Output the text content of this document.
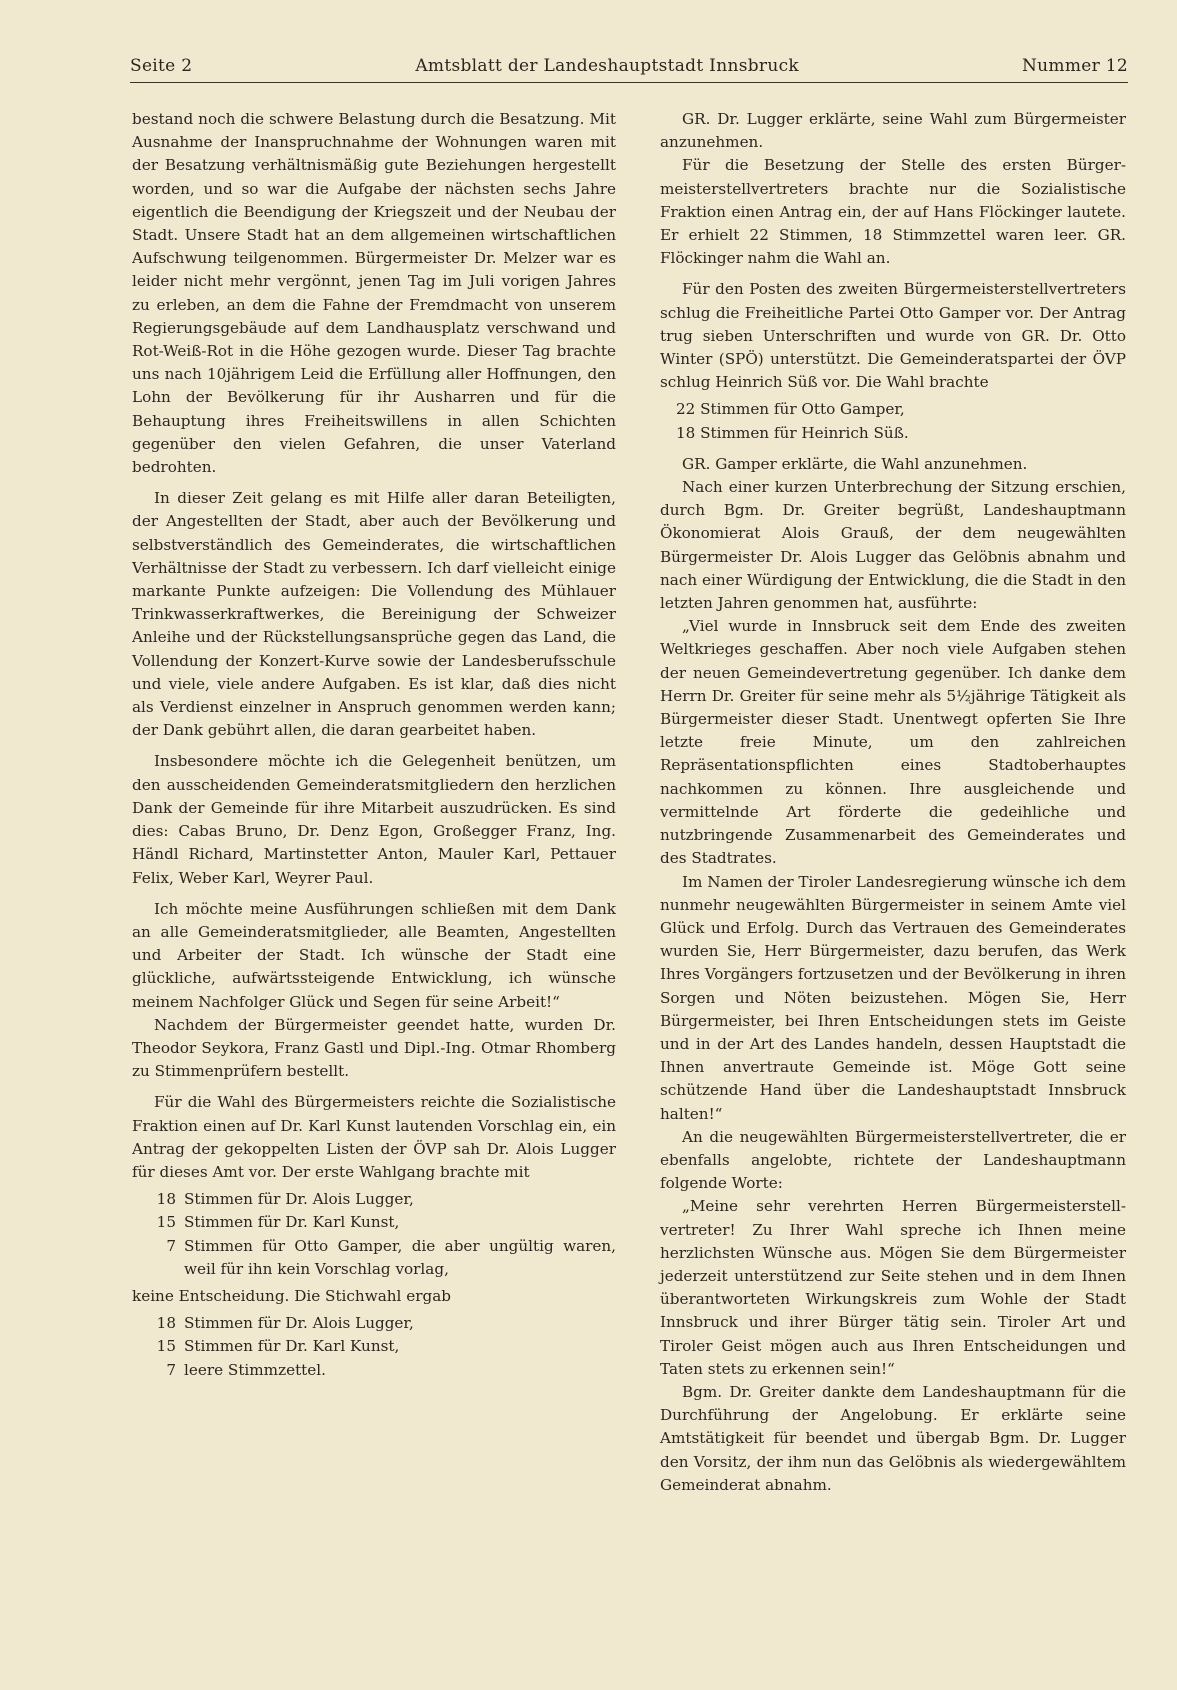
Seite 2	Amtsblatt der Landeshauptstadt Innsbruck	Nummer 12

bestand noch die schwere Belastung durch die Besatzung. Mit Ausnahme der Inanspruchnahme der Wohnungen waren mit der Besatzung verhältnismäßig gute Beziehungen hergestellt worden, und so war die Aufgabe der nächsten sechs Jahre eigentlich die Beendigung der Kriegszeit und der Neubau der Stadt. Unsere Stadt hat an dem allgemeinen wirtschaftlichen Aufschwung teilgenommen. Bürgermeister Dr. Melzer war es leider nicht mehr vergönnt, jenen Tag im Juli vorigen Jahres zu erleben, an dem die Fahne der Fremdmacht von unserem Regierungsgebäude auf dem Landhausplatz verschwand und Rot-Weiß-Rot in die Höhe gezogen wurde. Dieser Tag brachte uns nach 10jährigem Leid die Erfüllung aller Hoffnungen, den Lohn der Bevölkerung für ihr Ausharren und für die Behauptung ihres Freiheitswillens in allen Schichten gegenüber den vielen Gefahren, die unser Vaterland bedrohten.

In dieser Zeit gelang es mit Hilfe aller daran Beteiligten, der Angestellten der Stadt, aber auch der Bevölkerung und selbstverständlich des Gemeinderates, die wirtschaftlichen Verhältnisse der Stadt zu verbessern. Ich darf vielleicht einige markante Punkte aufzeigen: Die Vollendung des Mühlauer Trinkwasserkraftwerkes, die Bereinigung der Schweizer Anleihe und der Rückstellungsansprüche gegen das Land, die Vollendung der Konzert-Kurve sowie der Landesberufsschule und viele, viele andere Aufgaben. Es ist klar, daß dies nicht als Verdienst einzelner in Anspruch genommen werden kann; der Dank gebührt allen, die daran gearbeitet haben.

Insbesondere möchte ich die Gelegenheit benützen, um den ausscheidenden Gemeinderatsmitgliedern den herzlichen Dank der Gemeinde für ihre Mitarbeit auszudrücken. Es sind dies: Cabas Bruno, Dr. Denz Egon, Großegger Franz, Ing. Händl Richard, Martinstetter Anton, Mauler Karl, Pettauer Felix, Weber Karl, Weyrer Paul.

Ich möchte meine Ausführungen schließen mit dem Dank an alle Gemeinderatsmitglieder, alle Beamten, Angestellten und Arbeiter der Stadt. Ich wünsche der Stadt eine glückliche, aufwärtssteigende Entwicklung, ich wünsche meinem Nachfolger Glück und Segen für seine Arbeit!“

Nachdem der Bürgermeister geendet hatte, wurden Dr. Theodor Seykora, Franz Gastl und Dipl.-Ing. Otmar Rhomberg zu Stimmenprüfern bestellt.

Für die Wahl des Bürgermeisters reichte die Sozialistische Fraktion einen auf Dr. Karl Kunst lautenden Vorschlag ein, ein Antrag der gekoppelten Listen der ÖVP sah Dr. Alois Lugger für dieses Amt vor. Der erste Wahlgang brachte mit

18 Stimmen für Dr. Alois Lugger,
15 Stimmen für Dr. Karl Kunst,
7 Stimmen für Otto Gamper, die aber ungültig waren, weil für ihn kein Vorschlag vorlag,

keine Entscheidung. Die Stichwahl ergab

18 Stimmen für Dr. Alois Lugger,
15 Stimmen für Dr. Karl Kunst,
7 leere Stimmzettel.

GR. Dr. Lugger erklärte, seine Wahl zum Bürgermeister anzunehmen.

Für die Besetzung der Stelle des ersten Bürgermeisterstellvertreters brachte nur die Sozialistische Fraktion einen Antrag ein, der auf Hans Flöckinger lautete. Er erhielt 22 Stimmen, 18 Stimmzettel waren leer. GR. Flöckinger nahm die Wahl an.

Für den Posten des zweiten Bürgermeisterstellvertreters schlug die Freiheitliche Partei Otto Gamper vor. Der Antrag trug sieben Unterschriften und wurde von GR. Dr. Otto Winter (SPÖ) unterstützt. Die Gemeinderatspartei der ÖVP schlug Heinrich Süß vor. Die Wahl brachte

22 Stimmen für Otto Gamper,
18 Stimmen für Heinrich Süß.

GR. Gamper erklärte, die Wahl anzunehmen.

Nach einer kurzen Unterbrechung der Sitzung erschien, durch Bgm. Dr. Greiter begrüßt, Landeshauptmann Ökonomierat Alois Grauß, der dem neugewählten Bürgermeister Dr. Alois Lugger das Gelöbnis abnahm und nach einer Würdigung der Entwicklung, die die Stadt in den letzten Jahren genommen hat, ausführte:

„Viel wurde in Innsbruck seit dem Ende des zweiten Weltkrieges geschaffen. Aber noch viele Aufgaben stehen der neuen Gemeindevertretung gegenüber. Ich danke dem Herrn Dr. Greiter für seine mehr als 5½jährige Tätigkeit als Bürgermeister dieser Stadt. Unentwegt opferten Sie Ihre letzte freie Minute, um den zahlreichen Repräsentationspflichten eines Stadtoberhauptes nachkommen zu können. Ihre ausgleichende und vermittelnde Art förderte die gedeihliche und nutzbringende Zusammenarbeit des Gemeinderates und des Stadtrates.

Im Namen der Tiroler Landesregierung wünsche ich dem nunmehr neugewählten Bürgermeister in seinem Amte viel Glück und Erfolg. Durch das Vertrauen des Gemeinderates wurden Sie, Herr Bürgermeister, dazu berufen, das Werk Ihres Vorgängers fortzusetzen und der Bevölkerung in ihren Sorgen und Nöten beizustehen. Mögen Sie, Herr Bürgermeister, bei Ihren Entscheidungen stets im Geiste und in der Art des Landes handeln, dessen Hauptstadt die Ihnen anvertraute Gemeinde ist. Möge Gott seine schützende Hand über die Landeshauptstadt Innsbruck halten!“

An die neugewählten Bürgermeisterstellvertreter, die er ebenfalls angelobte, richtete der Landeshauptmann folgende Worte:

„Meine sehr verehrten Herren Bürgermeisterstellvertreter! Zu Ihrer Wahl spreche ich Ihnen meine herzlichsten Wünsche aus. Mögen Sie dem Bürgermeister jederzeit unterstützend zur Seite stehen und in dem Ihnen überantworteten Wirkungskreis zum Wohle der Stadt Innsbruck und ihrer Bürger tätig sein. Tiroler Art und Tiroler Geist mögen auch aus Ihren Entscheidungen und Taten stets zu erkennen sein!“

Bgm. Dr. Greiter dankte dem Landeshauptmann für die Durchführung der Angelobung. Er erklärte seine Amtstätigkeit für beendet und übergab Bgm. Dr. Lugger den Vorsitz, der ihm nun das Gelöbnis als wiedergewähltem Gemeinderat abnahm.
